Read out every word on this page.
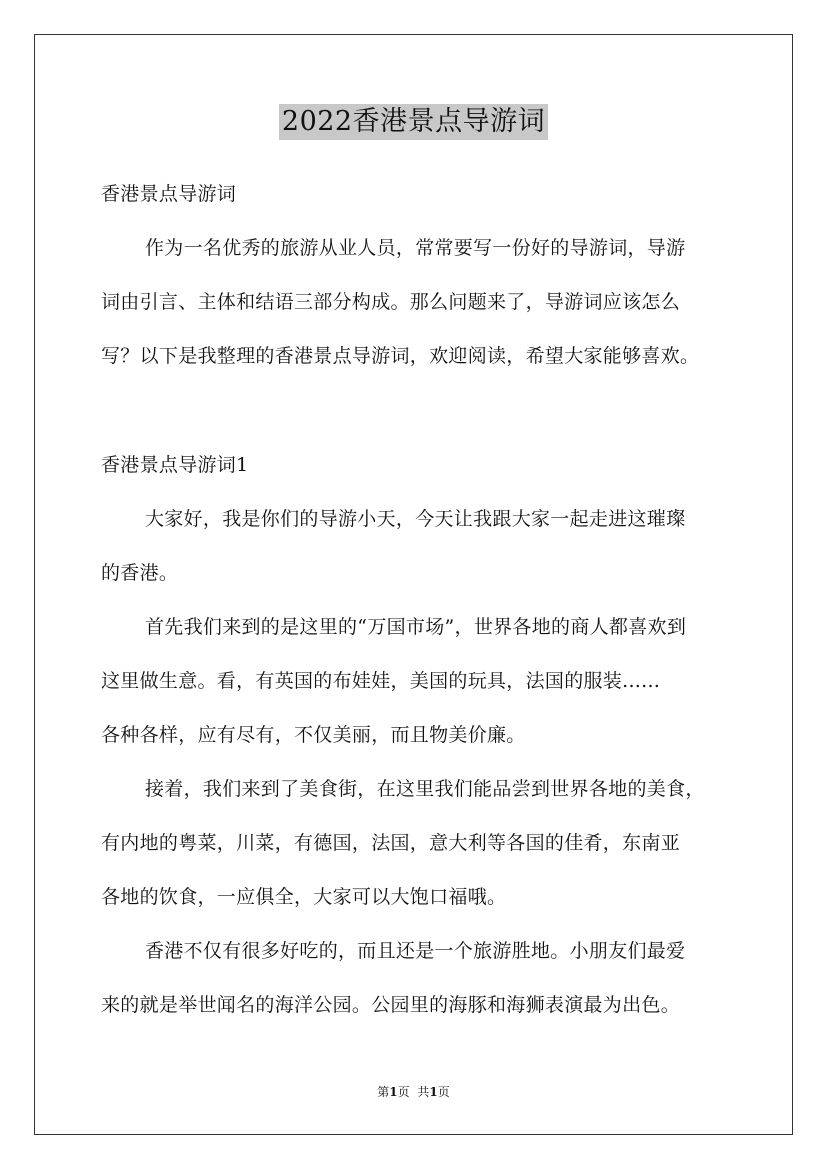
2022香港景点导游词
香港景点导游词
作为一名优秀的旅游从业人员，常常要写一份好的导游词，导游
词由引言、主体和结语三部分构成。那么问题来了，导游词应该怎么
写？以下是我整理的香港景点导游词，欢迎阅读，希望大家能够喜欢。
香港景点导游词1
大家好，我是你们的导游小天，今天让我跟大家一起走进这璀璨
的香港。
首先我们来到的是这里的“万国市场”，世界各地的商人都喜欢到
这里做生意。看，有英国的布娃娃，美国的玩具，法国的服装......
各种各样，应有尽有，不仅美丽，而且物美价廉。
接着，我们来到了美食街，在这里我们能品尝到世界各地的美食，
有内地的粤菜，川菜，有德国，法国，意大利等各国的佳肴，东南亚
各地的饮食，一应俱全，大家可以大饱口福哦。
香港不仅有很多好吃的，而且还是一个旅游胜地。小朋友们最爱
来的就是举世闻名的海洋公园。公园里的海豚和海狮表演最为出色。
第1页 共1页
